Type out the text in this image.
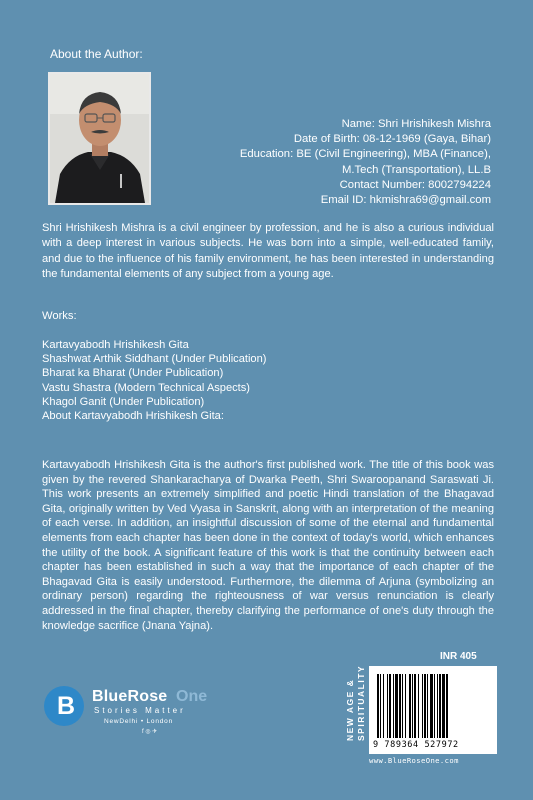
About the Author:
Name: Shri Hrishikesh Mishra
Date of Birth: 08-12-1969 (Gaya, Bihar)
Education: BE (Civil Engineering), MBA (Finance),
M.Tech (Transportation), LL.B
Contact Number: 8002794224
Email ID: hkmishra69@gmail.com
Shri Hrishikesh Mishra is a civil engineer by profession, and he is also a curious individual with a deep interest in various subjects. He was born into a simple, well-educated family, and due to the influence of his family environment, he has been interested in understanding the fundamental elements of any subject from a young age.
Works:
Kartavyabodh Hrishikesh Gita
Shashwat Arthik Siddhant (Under Publication)
Bharat ka Bharat (Under Publication)
Vastu Shastra (Modern Technical Aspects)
Khagol Ganit (Under Publication)
About Kartavyabodh Hrishikesh Gita:
Kartavyabodh Hrishikesh Gita is the author's first published work. The title of this book was given by the revered Shankaracharya of Dwarka Peeth, Shri Swaroopanand Saraswati Ji. This work presents an extremely simplified and poetic Hindi translation of the Bhagavad Gita, originally written by Ved Vyasa in Sanskrit, along with an interpretation of the meaning of each verse. In addition, an insightful discussion of some of the eternal and fundamental elements from each chapter has been done in the context of today's world, which enhances the utility of the book. A significant feature of this work is that the continuity between each chapter has been established in such a way that the importance of each chapter of the Bhagavad Gita is easily understood. Furthermore, the dilemma of Arjuna (symbolizing an ordinary person) regarding the righteousness of war versus renunciation is clearly addressed in the final chapter, thereby clarifying the performance of one's duty through the knowledge sacrifice (Jnana Yajna).
INR 405
B BlueRose One
Stories Matter
NewDelhi • London
f ◎ ✈	NEW AGE & SPIRITUALITY
9 789364 527972
www.BlueRoseOne.com
